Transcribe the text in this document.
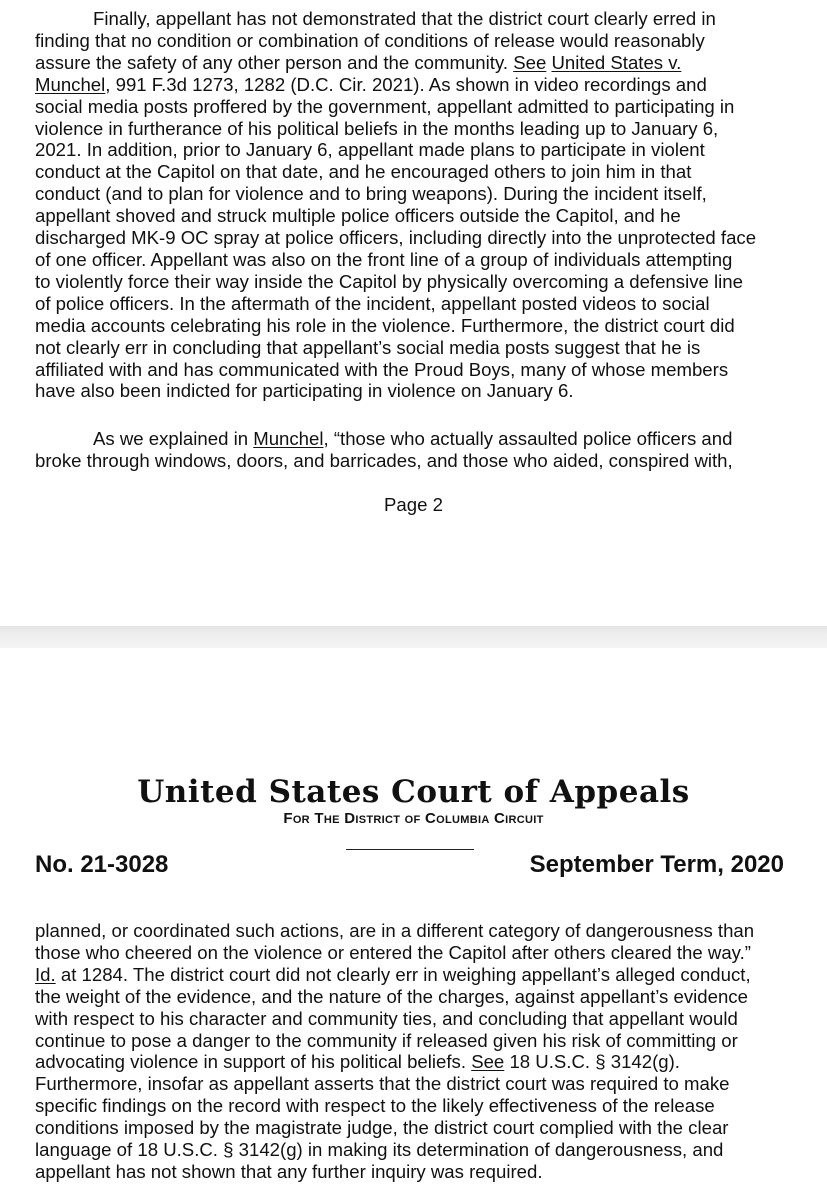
Finally, appellant has not demonstrated that the district court clearly erred in
finding that no condition or combination of conditions of release would reasonably
assure the safety of any other person and the community. See United States v.
Munchel, 991 F.3d 1273, 1282 (D.C. Cir. 2021). As shown in video recordings and
social media posts proffered by the government, appellant admitted to participating in
violence in furtherance of his political beliefs in the months leading up to January 6,
2021. In addition, prior to January 6, appellant made plans to participate in violent
conduct at the Capitol on that date, and he encouraged others to join him in that
conduct (and to plan for violence and to bring weapons). During the incident itself,
appellant shoved and struck multiple police officers outside the Capitol, and he
discharged MK-9 OC spray at police officers, including directly into the unprotected face
of one officer. Appellant was also on the front line of a group of individuals attempting
to violently force their way inside the Capitol by physically overcoming a defensive line
of police officers. In the aftermath of the incident, appellant posted videos to social
media accounts celebrating his role in the violence. Furthermore, the district court did
not clearly err in concluding that appellant’s social media posts suggest that he is
affiliated with and has communicated with the Proud Boys, many of whose members
have also been indicted for participating in violence on January 6.

As we explained in Munchel, “those who actually assaulted police officers and
broke through windows, doors, and barricades, and those who aided, conspired with,

Page 2
United States Court of Appeals
For The District of Columbia Circuit
No. 21-3028	September Term, 2020

planned, or coordinated such actions, are in a different category of dangerousness than
those who cheered on the violence or entered the Capitol after others cleared the way.”
Id. at 1284. The district court did not clearly err in weighing appellant’s alleged conduct,
the weight of the evidence, and the nature of the charges, against appellant’s evidence
with respect to his character and community ties, and concluding that appellant would
continue to pose a danger to the community if released given his risk of committing or
advocating violence in support of his political beliefs. See 18 U.S.C. § 3142(g).
Furthermore, insofar as appellant asserts that the district court was required to make
specific findings on the record with respect to the likely effectiveness of the release
conditions imposed by the magistrate judge, the district court complied with the clear
language of 18 U.S.C. § 3142(g) in making its determination of dangerousness, and
appellant has not shown that any further inquiry was required.
